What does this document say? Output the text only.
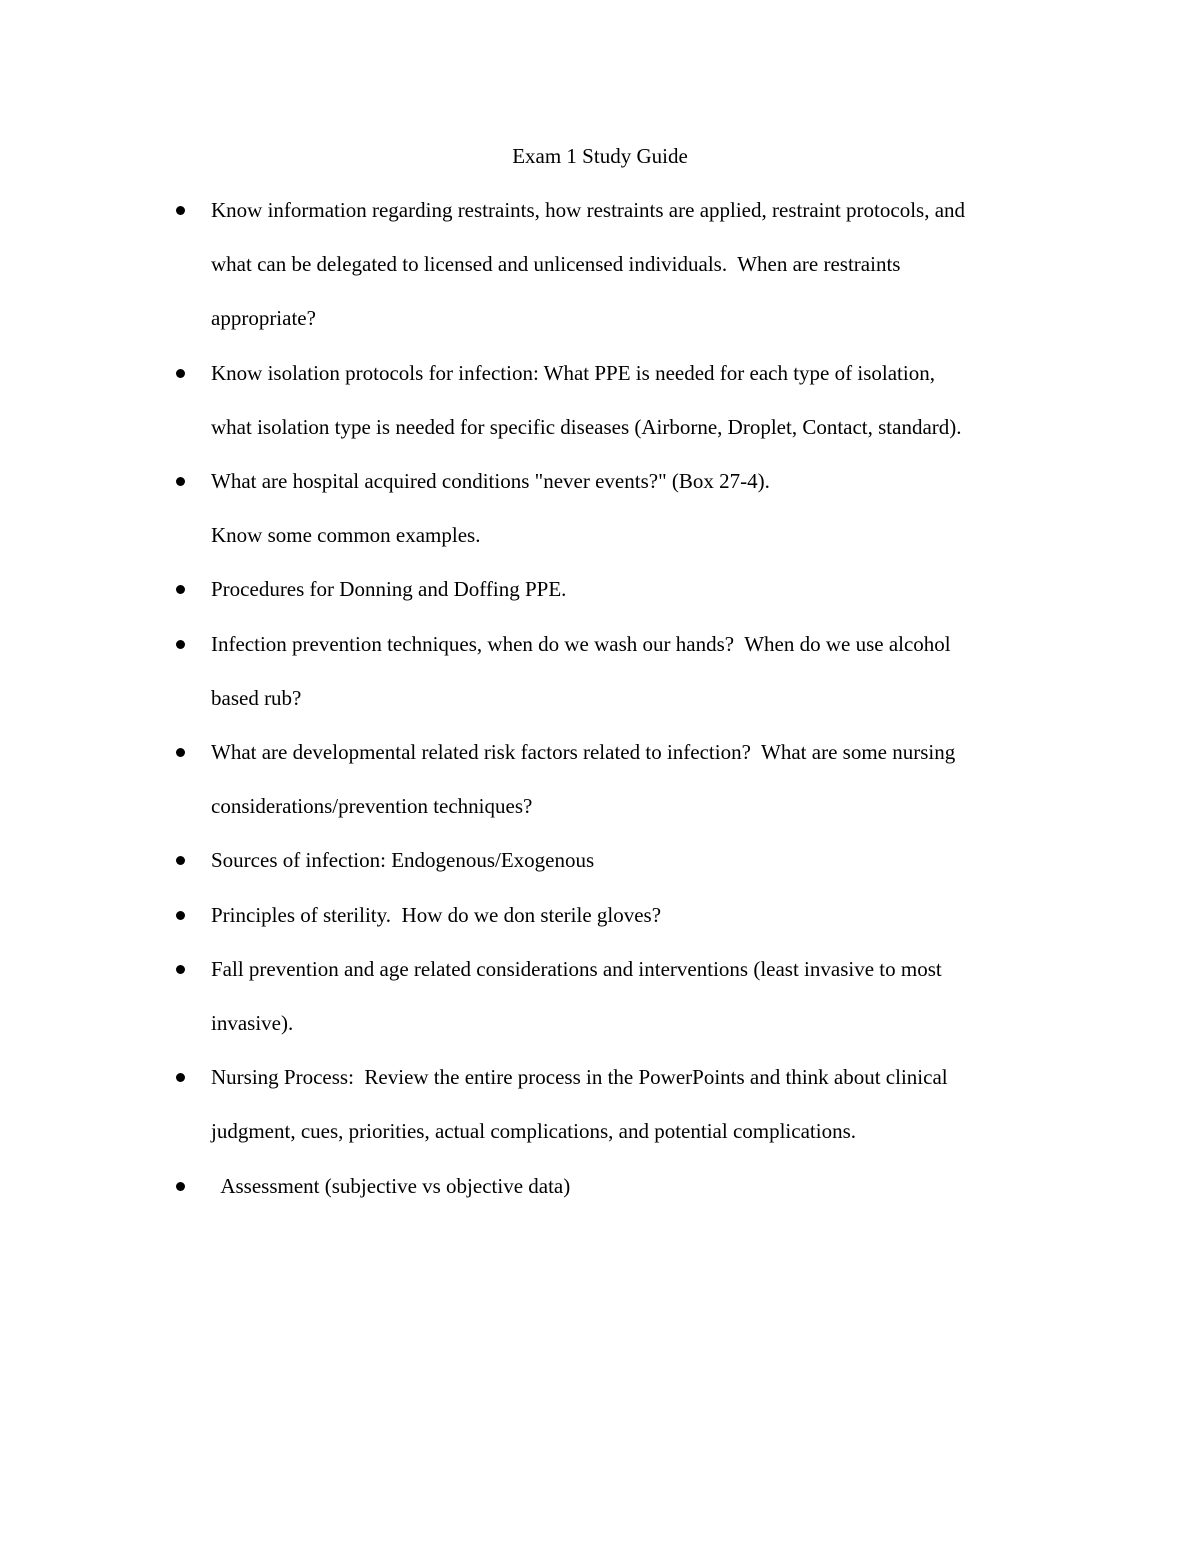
Exam 1 Study Guide
Know information regarding restraints, how restraints are applied, restraint protocols, and
what can be delegated to licensed and unlicensed individuals.  When are restraints
appropriate?
Know isolation protocols for infection: What PPE is needed for each type of isolation,
what isolation type is needed for specific diseases (Airborne, Droplet, Contact, standard).
What are hospital acquired conditions "never events?" (Box 27-4).
Know some common examples.
Procedures for Donning and Doffing PPE.
Infection prevention techniques, when do we wash our hands?  When do we use alcohol
based rub?
What are developmental related risk factors related to infection?  What are some nursing
considerations/prevention techniques?
Sources of infection: Endogenous/Exogenous
Principles of sterility.  How do we don sterile gloves?
Fall prevention and age related considerations and interventions (least invasive to most
invasive).
Nursing Process:  Review the entire process in the PowerPoints and think about clinical
judgment, cues, priorities, actual complications, and potential complications.
Assessment (subjective vs objective data)
